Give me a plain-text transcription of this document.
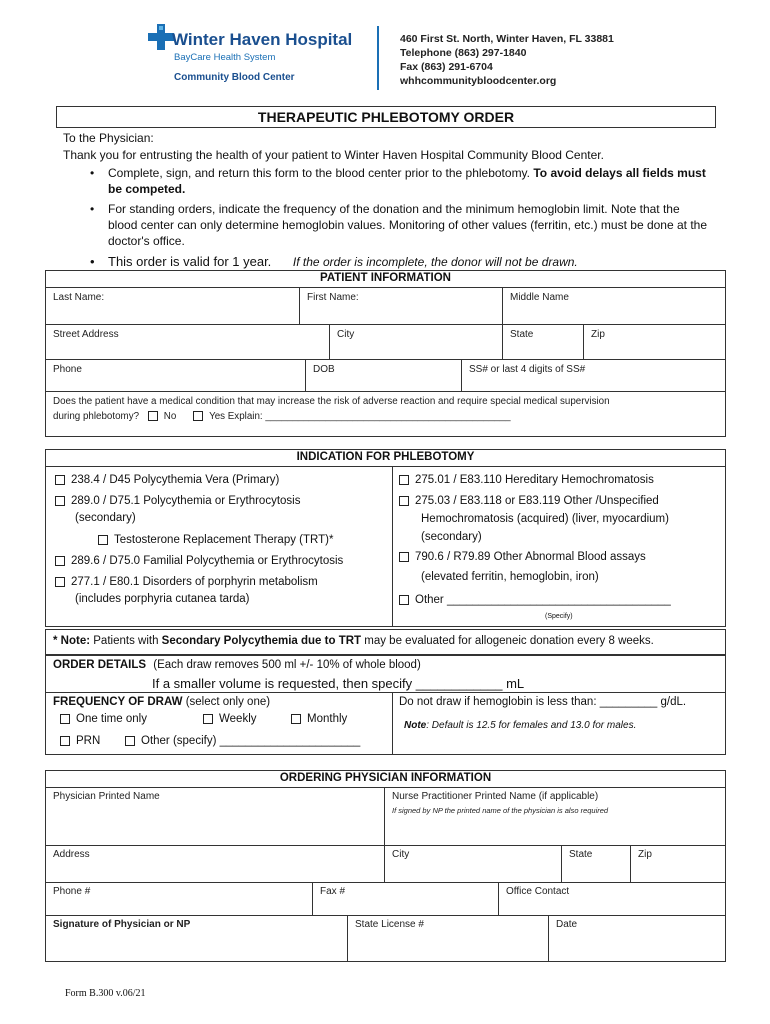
Winter Haven Hospital
BayCare Health System
Community Blood Center
460 First St. North, Winter Haven, FL 33881
Telephone (863) 297-1840
Fax (863) 291-6704
whhcommunitybloodcenter.org
THERAPEUTIC PHLEBOTOMY ORDER
To the Physician:
Thank you for entrusting the health of your patient to Winter Haven Hospital Community Blood Center.
• Complete, sign, and return this form to the blood center prior to the phlebotomy. To avoid delays all fields must be competed.
• For standing orders, indicate the frequency of the donation and the minimum hemoglobin limit. Note that the blood center can only determine hemoglobin values. Monitoring of other values (ferritin, etc.) must be done at the doctor's office.
• This order is valid for 1 year. If the order is incomplete, the donor will not be drawn.
PATIENT INFORMATION
Last Name:	First Name:	Middle Name
Street Address	City	State	Zip
Phone	DOB	SS# or last 4 digits of SS#
Does the patient have a medical condition that may increase the risk of adverse reaction and require special medical supervision
during phlebotomy?	No	Yes Explain: _____________________________________________
INDICATION FOR PHLEBOTOMY
238.4 / D45 Polycythemia Vera (Primary)
289.0 / D75.1 Polycythemia or Erythrocytosis
(secondary)
Testosterone Replacement Therapy (TRT)*
289.6 / D75.0 Familial Polycythemia or Erythrocytosis
277.1 / E80.1 Disorders of porphyrin metabolism
(includes porphyria cutanea tarda)
275.01 / E83.110 Hereditary Hemochromatosis
275.03 / E83.118 or E83.119 Other /Unspecified
Hemochromatosis (acquired) (liver, myocardium)
(secondary)
790.6 / R79.89 Other Abnormal Blood assays
(elevated ferritin, hemoglobin, iron)
Other ___________________________________
(Specify)
* Note: Patients with Secondary Polycythemia due to TRT may be evaluated for allogeneic donation every 8 weeks.
ORDER DETAILS (Each draw removes 500 ml +/- 10% of whole blood)
If a smaller volume is requested, then specify ____________ mL
FREQUENCY OF DRAW (select only one)
One time only	Weekly	Monthly
PRN	Other (specify) ______________________
Do not draw if hemoglobin is less than: _________ g/dL.
Note: Default is 12.5 for females and 13.0 for males.
ORDERING PHYSICIAN INFORMATION
Physician Printed Name	Nurse Practitioner Printed Name (if applicable)
If signed by NP the printed name of the physician is also required
Address	City	State	Zip
Phone #	Fax #	Office Contact
Signature of Physician or NP	State License #	Date
Form B.300 v.06/21
